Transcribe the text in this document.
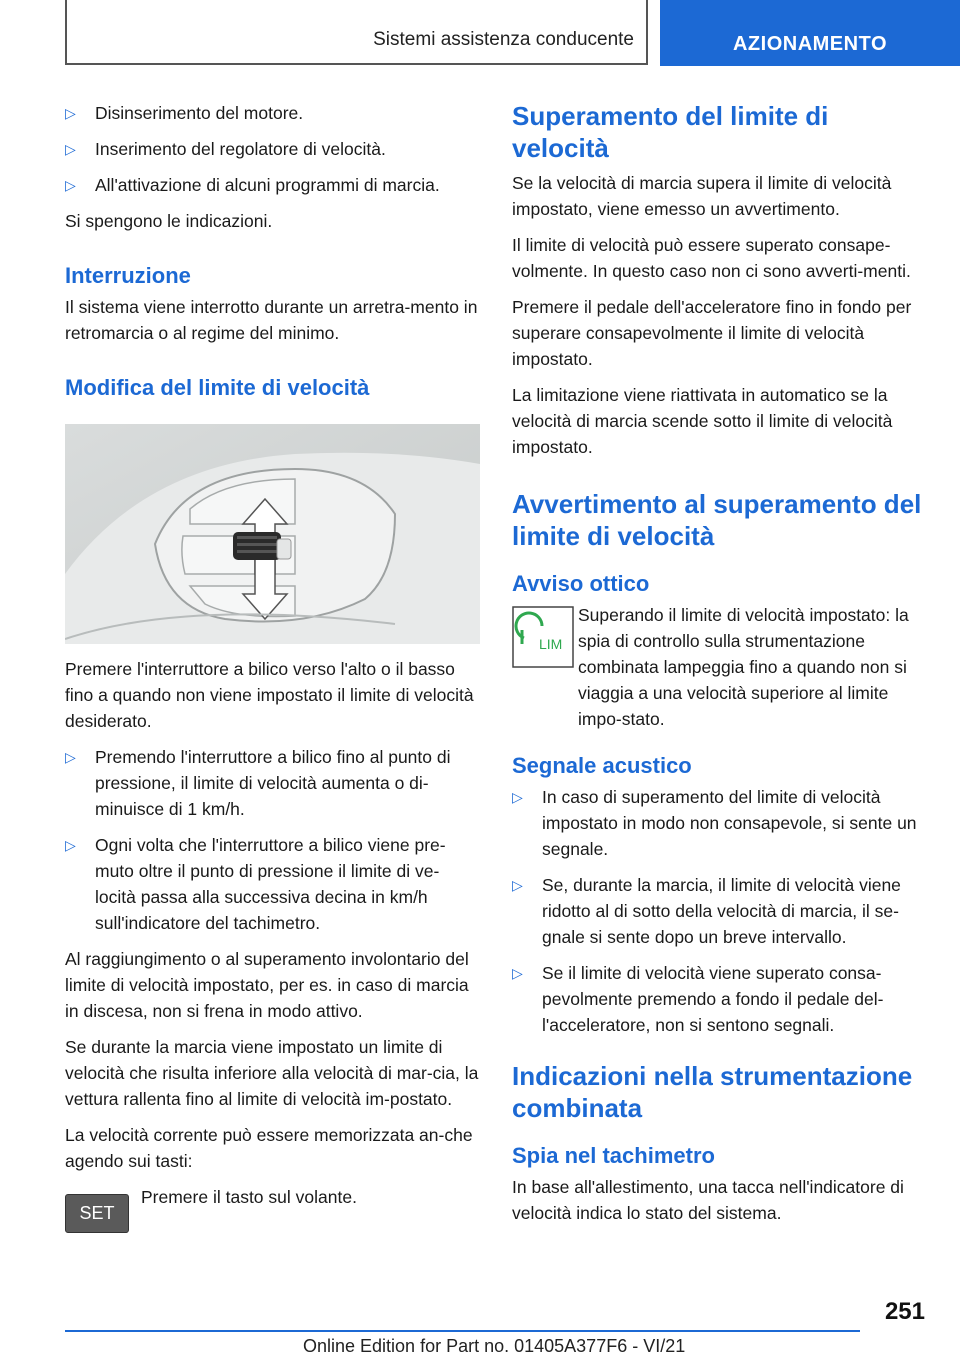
Sistemi assistenza conducente	AZIONAMENTO
▷ Disinserimento del motore.
▷ Inserimento del regolatore di velocità.
▷ All'attivazione di alcuni programmi di marcia.

Si spengono le indicazioni.

Interruzione

Il sistema viene interrotto durante un arretra-mento in retromarcia o al regime del minimo.

Modifica del limite di velocità

Premere l'interruttore a bilico verso l'alto o il basso fino a quando non viene impostato il limite di velocità desiderato.

▷ Premendo l'interruttore a bilico fino al punto di pressione, il limite di velocità aumenta o di-minuisce di 1 km/h.
▷ Ogni volta che l'interruttore a bilico viene pre-muto oltre il punto di pressione il limite di ve-locità passa alla successiva decina in km/h sull'indicatore del tachimetro.

Al raggiungimento o al superamento involontario del limite di velocità impostato, per es. in caso di marcia in discesa, non si frena in modo attivo.

Se durante la marcia viene impostato un limite di velocità che risulta inferiore alla velocità di mar-cia, la vettura rallenta fino al limite di velocità im-postato.

La velocità corrente può essere memorizzata an-che agendo sui tasti:

SET

Premere il tasto sul volante.

Superamento del limite di velocità

Se la velocità di marcia supera il limite di velocità impostato, viene emesso un avvertimento.

Il limite di velocità può essere superato consape-volmente. In questo caso non ci sono avverti-menti.

Premere il pedale dell'acceleratore fino in fondo per superare consapevolmente il limite di velocità impostato.

La limitazione viene riattivata in automatico se la velocità di marcia scende sotto il limite di velocità impostato.

Avvertimento al superamento del limite di velocità
Avviso ottico
LIM

Superando il limite di velocità impostato: la spia di controllo sulla strumentazione combinata lampeggia fino a quando non si viaggia a una velocità superiore al limite impo-stato.

Segnale acustico
▷ In caso di superamento del limite di velocità impostato in modo non consapevole, si sente un segnale.
▷ Se, durante la marcia, il limite di velocità viene ridotto al di sotto della velocità di marcia, il se-gnale si sente dopo un breve intervallo.
▷ Se il limite di velocità viene superato consa-pevolmente premendo a fondo il pedale del-l'acceleratore, non si sentono segnali.
Indicazioni nella strumentazione combinata
Spia nel tachimetro

In base all'allestimento, una tacca nell'indicatore di velocità indica lo stato del sistema.

251
Online Edition for Part no. 01405A377F6 - VI/21
